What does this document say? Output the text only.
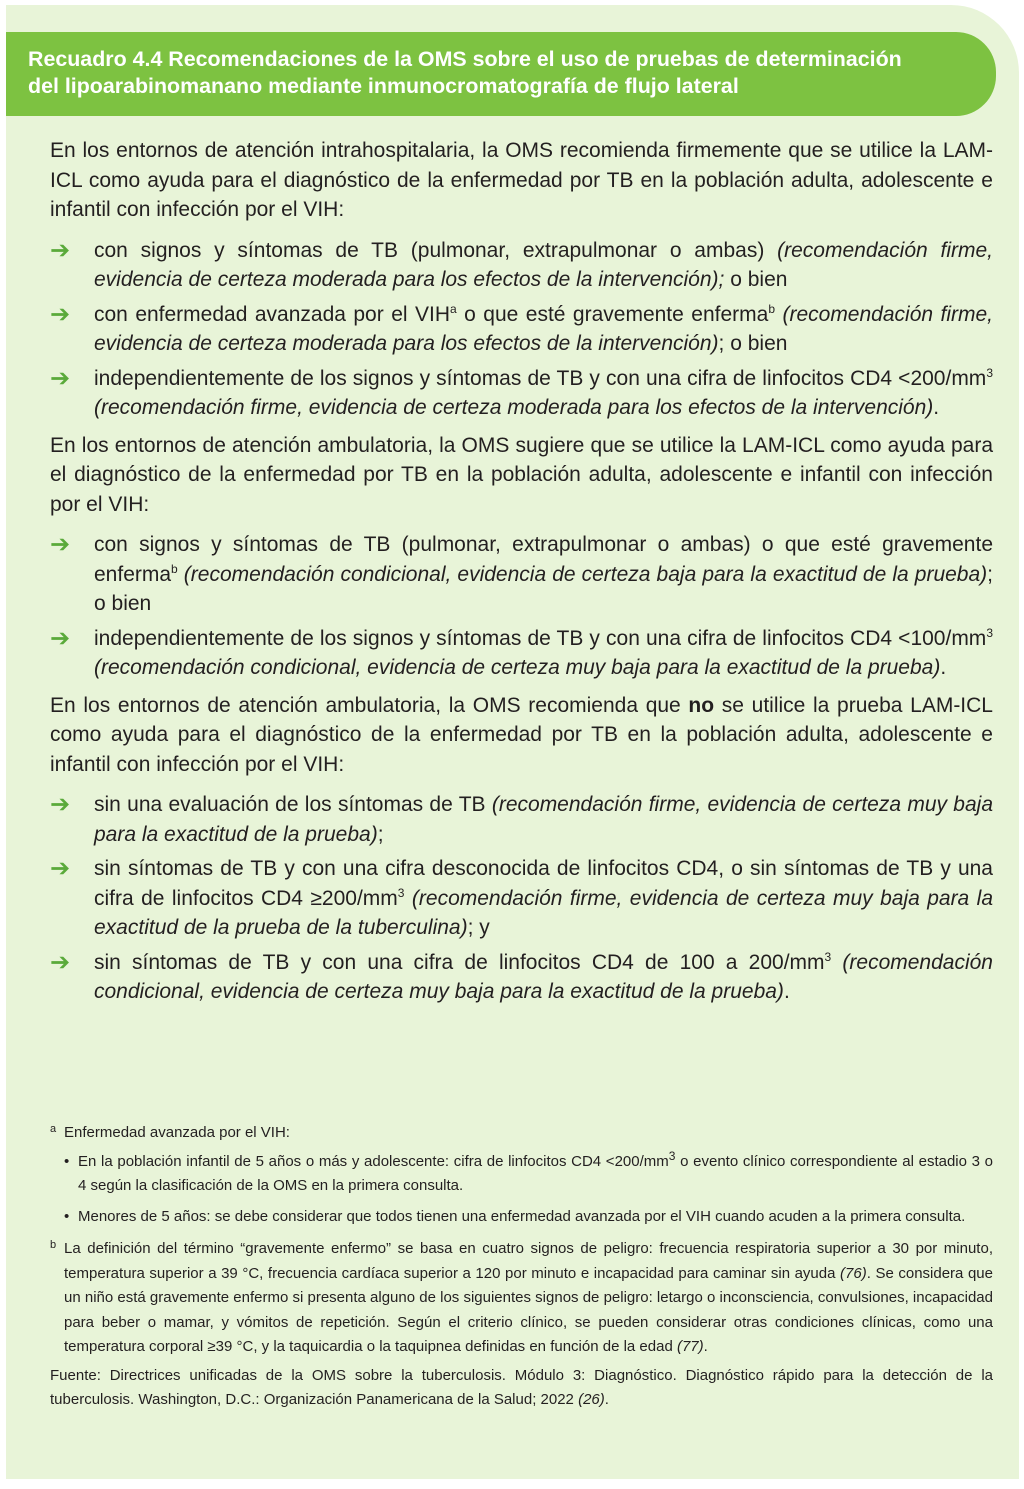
Recuadro 4.4 Recomendaciones de la OMS sobre el uso de pruebas de determinación del lipoarabinomanano mediante inmunocromatografía de flujo lateral

En los entornos de atención intrahospitalaria, la OMS recomienda firmemente que se utilice la LAM-ICL como ayuda para el diagnóstico de la enfermedad por TB en la población adulta, adolescente e infantil con infección por el VIH:

➔ con signos y síntomas de TB (pulmonar, extrapulmonar o ambas) (recomendación firme, evidencia de certeza moderada para los efectos de la intervención); o bien
➔ con enfermedad avanzada por el VIH$^a$ o que esté gravemente enferma$^b$ (recomendación firme, evidencia de certeza moderada para los efectos de la intervención); o bien
➔ independientemente de los signos y síntomas de TB y con una cifra de linfocitos $CD4 <200/mm^3$ (recomendación firme, evidencia de certeza moderada para los efectos de la intervención).

En los entornos de atención ambulatoria, la OMS sugiere que se utilice la LAM-ICL como ayuda para el diagnóstico de la enfermedad por TB en la población adulta, adolescente e infantil con infección por el VIH:

➔ con signos y síntomas de TB (pulmonar, extrapulmonar o ambas) o que esté gravemente enferma$^b$ (recomendación condicional, evidencia de certeza baja para la exactitud de la prueba); o bien
➔ independientemente de los signos y síntomas de TB y con una cifra de linfocitos $CD4 <100/mm^3$ (recomendación condicional, evidencia de certeza muy baja para la exactitud de la prueba).

En los entornos de atención ambulatoria, la OMS recomienda que no se utilice la prueba LAM-ICL como ayuda para el diagnóstico de la enfermedad por TB en la población adulta, adolescente e infantil con infección por el VIH:

➔ sin una evaluación de los síntomas de TB (recomendación firme, evidencia de certeza muy baja para la exactitud de la prueba);
➔ sin síntomas de TB y con una cifra desconocida de linfocitos CD4, o sin síntomas de TB y una cifra de linfocitos $CD4 \ge 200/mm^3$ (recomendación firme, evidencia de certeza muy baja para la exactitud de la prueba de la tuberculina); y
➔ sin síntomas de TB y con una cifra de linfocitos CD4 de 100 a $200/mm^3$ (recomendación condicional, evidencia de certeza muy baja para la exactitud de la prueba).
a Enfermedad avanzada por el VIH:
• En la población infantil de 5 años o más y adolescente: cifra de linfocitos $CD4 <200/mm^3$ o evento clínico correspondiente al estadio 3 o 4 según la clasificación de la OMS en la primera consulta.
• Menores de 5 años: se debe considerar que todos tienen una enfermedad avanzada por el VIH cuando acuden a la primera consulta.
b La definición del término “gravemente enfermo” se basa en cuatro signos de peligro: frecuencia respiratoria superior a 30 por minuto, temperatura superior a 39 °C, frecuencia cardíaca superior a 120 por minuto e incapacidad para caminar sin ayuda (76). Se considera que un niño está gravemente enfermo si presenta alguno de los siguientes signos de peligro: letargo o inconsciencia, convulsiones, incapacidad para beber o mamar, y vómitos de repetición. Según el criterio clínico, se pueden considerar otras condiciones clínicas, como una temperatura corporal ≥39 °C, y la taquicardia o la taquipnea definidas en función de la edad (77).

Fuente: Directrices unificadas de la OMS sobre la tuberculosis. Módulo 3: Diagnóstico. Diagnóstico rápido para la detección de la tuberculosis. Washington, D.C.: Organización Panamericana de la Salud; 2022 (26).
